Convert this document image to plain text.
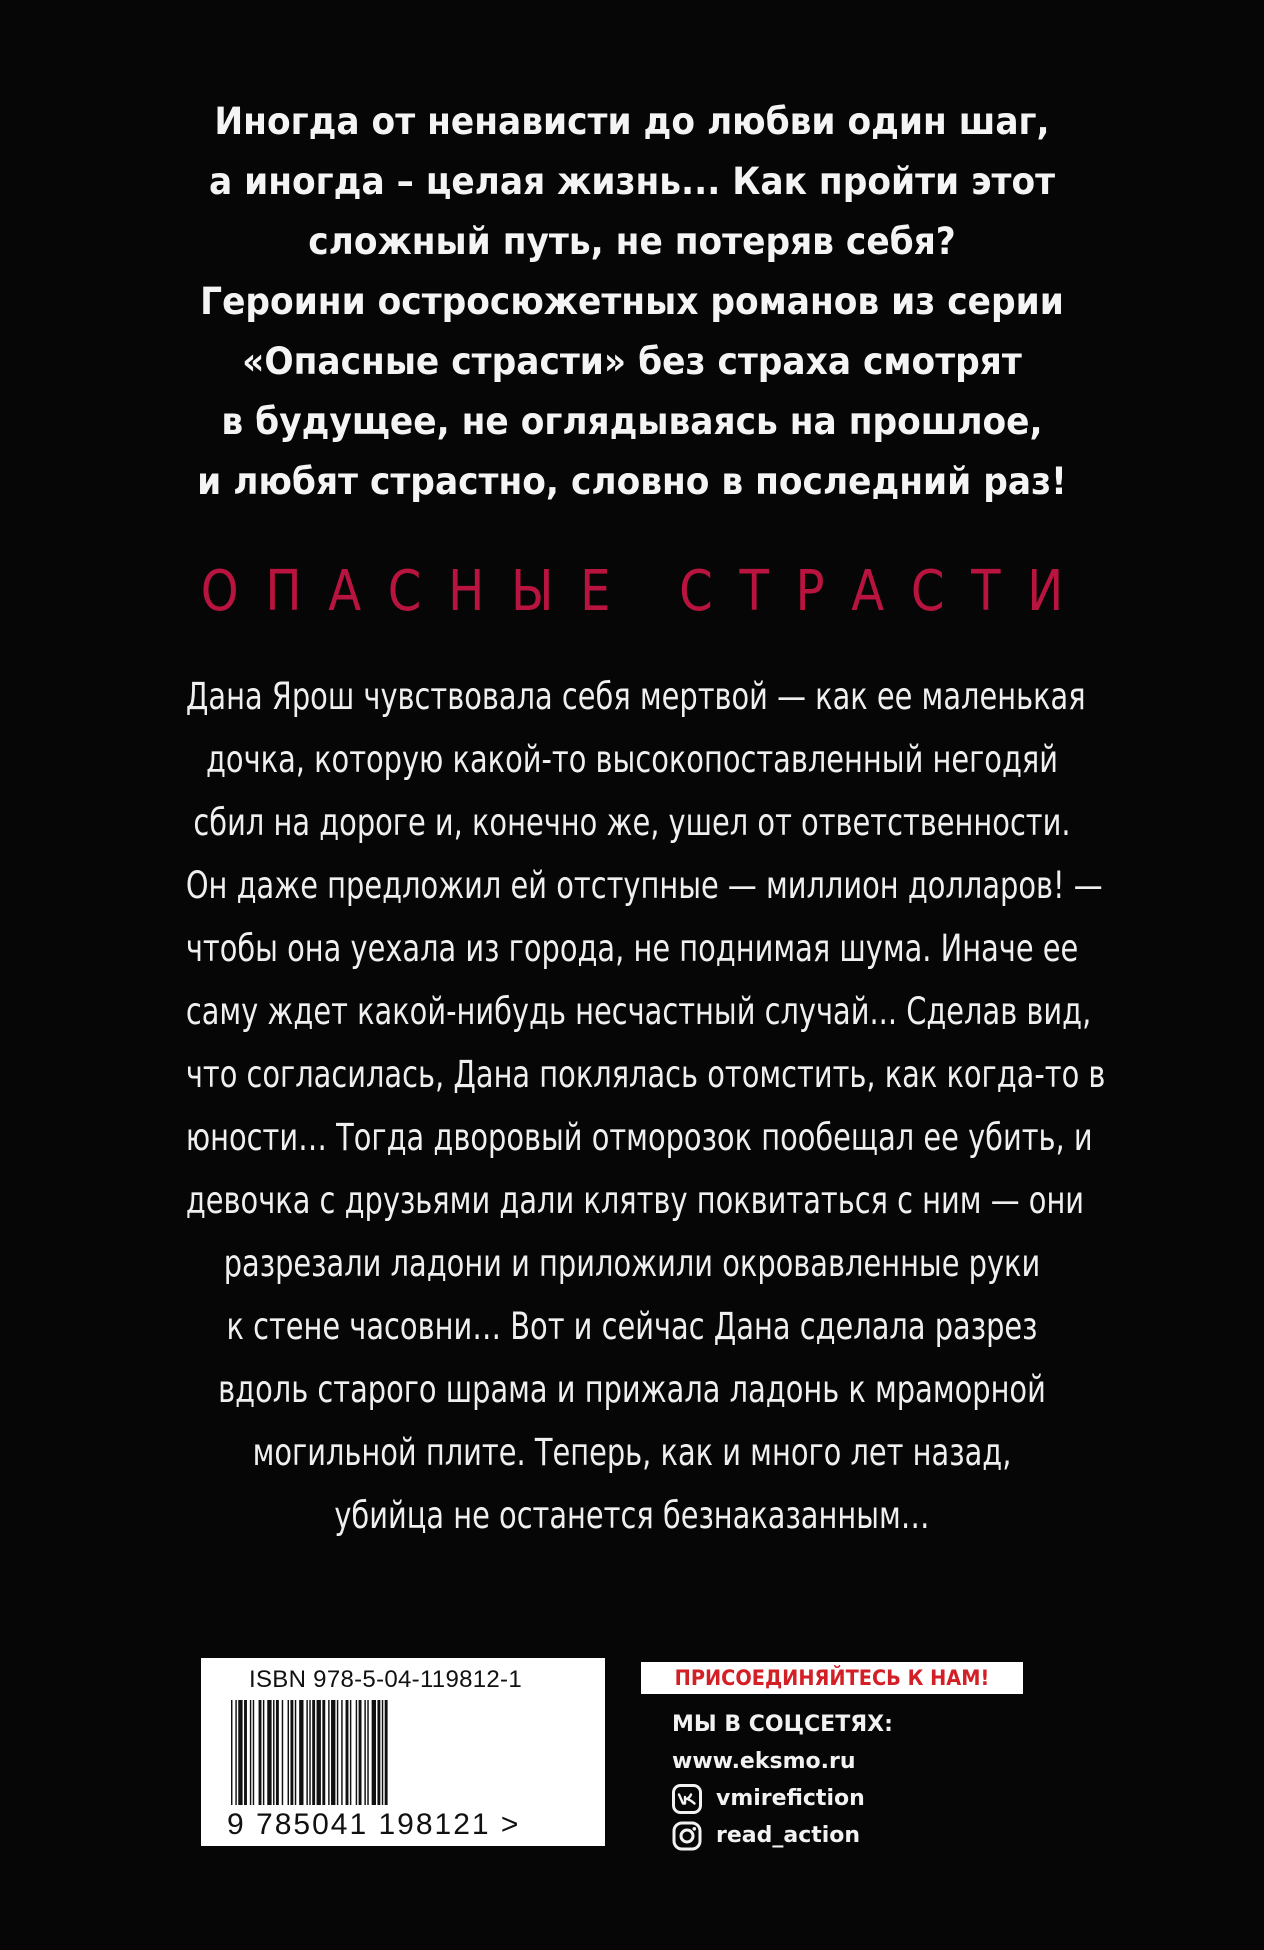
Иногда от ненависти до любви один шаг,
а иногда – целая жизнь... Как пройти этот
сложный путь, не потеряв себя?
Героини остросюжетных романов из серии
«Опасные страсти» без страха смотрят
в будущее, не оглядываясь на прошлое,
и любят страстно, словно в последний раз!
ОПАСНЫЕ СТРАСТИ
Дана Ярош чувствовала себя мертвой — как ее маленькая
дочка, которую какой-то высокопоставленный негодяй
сбил на дороге и, конечно же, ушел от ответственности.
Он даже предложил ей отступные — миллион долларов! —
чтобы она уехала из города, не поднимая шума. Иначе ее
саму ждет какой-нибудь несчастный случай... Сделав вид,
что согласилась, Дана поклялась отомстить, как когда-то в
юности… Тогда дворовый отморозок пообещал ее убить, и
девочка с друзьями дали клятву поквитаться с ним — они
разрезали ладони и приложили окровавленные руки
к стене часовни… Вот и сейчас Дана сделала разрез
вдоль старого шрама и прижала ладонь к мраморной
могильной плите. Теперь, как и много лет назад,
убийца не останется безнаказанным…
ISBN 978-5-04-119812-1
9 785041 198121 >
ПРИСОЕДИНЯЙТЕСЬ К НАМ!
МЫ В СОЦСЕТЯХ:
www.eksmo.ru
vmirefiction
read_action
